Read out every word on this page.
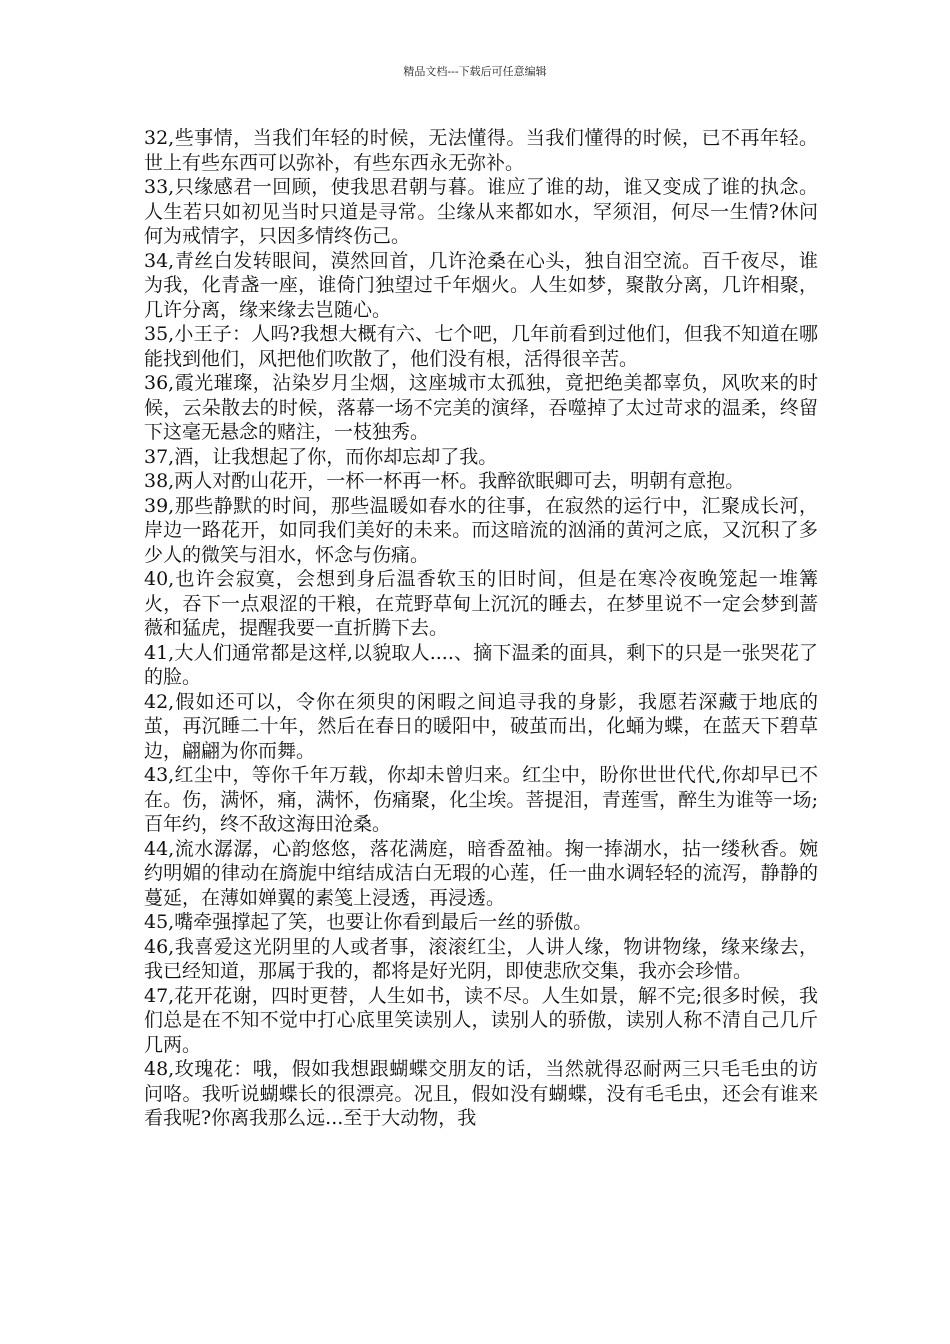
精品文档---下载后可任意编辑

32,些事情，当我们年轻的时候，无法懂得。当我们懂得的时候，已不再年轻。世上有些东西可以弥补，有些东西永无弥补。

33,只缘感君一回顾，使我思君朝与暮。谁应了谁的劫，谁又变成了谁的执念。人生若只如初见当时只道是寻常。尘缘从来都如水，罕须泪，何尽一生情?休问何为戒情字，只因多情终伤己。

34,青丝白发转眼间，漠然回首，几许沧桑在心头，独自泪空流。百千夜尽，谁为我，化青盏一座，谁倚门独望过千年烟火。人生如梦，聚散分离，几许相聚，几许分离，缘来缘去岂随心。

35,小王子：人吗?我想大概有六、七个吧，几年前看到过他们，但我不知道在哪能找到他们，风把他们吹散了，他们没有根，活得很辛苦。

36,霞光璀璨，沾染岁月尘烟，这座城市太孤独，竟把绝美都辜负，风吹来的时候，云朵散去的时候，落幕一场不完美的演绎，吞噬掉了太过苛求的温柔，终留下这毫无悬念的赌注，一枝独秀。

37,酒，让我想起了你，而你却忘却了我。

38,两人对酌山花开，一杯一杯再一杯。我醉欲眠卿可去，明朝有意抱。

39,那些静默的时间，那些温暖如春水的往事，在寂然的运行中，汇聚成长河，岸边一路花开，如同我们美好的未来。而这暗流的汹涌的黄河之底，又沉积了多少人的微笑与泪水，怀念与伤痛。

40,也许会寂寞，会想到身后温香软玉的旧时间，但是在寒冷夜晚笼起一堆篝火，吞下一点艰涩的干粮，在荒野草甸上沉沉的睡去，在梦里说不一定会梦到蔷薇和猛虎，提醒我要一直折腾下去。

41,大人们通常都是这样,以貌取人....、摘下温柔的面具，剩下的只是一张哭花了的脸。

42,假如还可以，令你在须臾的闲暇之间追寻我的身影，我愿若深藏于地底的茧，再沉睡二十年，然后在春日的暖阳中，破茧而出，化蛹为蝶，在蓝天下碧草边，翩翩为你而舞。

43,红尘中，等你千年万载，你却未曾归来。红尘中，盼你世世代代,你却早已不在。伤，满怀，痛，满怀，伤痛聚，化尘埃。菩提泪，青莲雪，醉生为谁等一场;百年约，终不敌这海田沧桑。

44,流水潺潺，心韵悠悠，落花满庭，暗香盈袖。掬一捧湖水，拈一缕秋香。婉约明媚的律动在旖旎中绾结成洁白无瑕的心莲，任一曲水调轻轻的流泻，静静的蔓延，在薄如婵翼的素笺上浸透，再浸透。

45,嘴牵强撑起了笑，也要让你看到最后一丝的骄傲。

46,我喜爱这光阴里的人或者事，滚滚红尘，人讲人缘，物讲物缘，缘来缘去，我已经知道，那属于我的，都将是好光阴，即使悲欣交集，我亦会珍惜。

47,花开花谢，四时更替，人生如书，读不尽。人生如景，解不完;很多时候，我们总是在不知不觉中打心底里笑读别人，读别人的骄傲，读别人称不清自己几斤几两。

48,玫瑰花：哦，假如我想跟蝴蝶交朋友的话，当然就得忍耐两三只毛毛虫的访问咯。我听说蝴蝶长的很漂亮。况且，假如没有蝴蝶，没有毛毛虫，还会有谁来看我呢?你离我那么远...至于大动物，我
